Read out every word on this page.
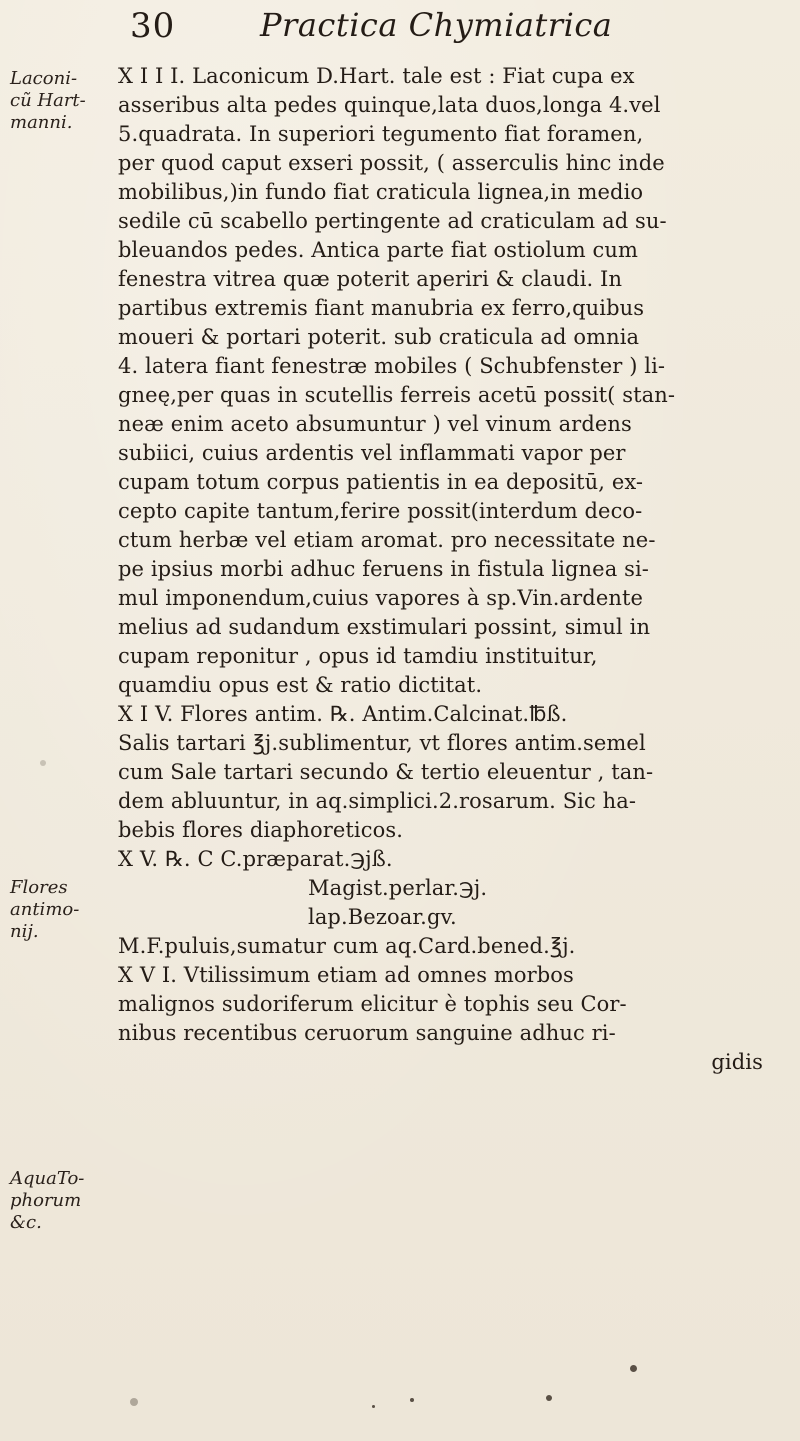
30	Practica Chymiatrica
Laconi-
cũ Hart-
manni.
Flores
antimo-
nij.
AquaTo-
phorum
&c.
X I I I. Laconicum D.Hart. tale est : Fiat cupa ex
asseribus alta pedes quinque,lata duos,longa 4.vel
5.quadrata. In superiori tegumento fiat foramen,
per quod caput exseri possit, ( asserculis hinc inde
mobilibus,)in fundo fiat craticula lignea,in medio
sedile cū scabello pertingente ad craticulam ad su-
bleuandos pedes. Antica parte fiat ostiolum cum
fenestra vitrea quæ poterit aperiri & claudi. In
partibus extremis fiant manubria ex ferro,quibus
moueri & portari poterit. sub craticula ad omnia
4. latera fiant fenestræ mobiles ( Schubfenster ) li-
gneę,per quas in scutellis ferreis acetū possit( stan-
neæ enim aceto absumuntur ) vel vinum ardens
subiici, cuius ardentis vel inflammati vapor per
cupam totum corpus patientis in ea depositū, ex-
cepto capite tantum,ferire possit(interdum deco-
ctum herbæ vel etiam aromat. pro necessitate ne-
pe ipsius morbi adhuc feruens in fistula lignea si-
mul imponendum,cuius vapores à sp.Vin.ardente
melius ad sudandum exstimulari possint, simul in
cupam reponitur , opus id tamdiu instituitur,
quamdiu opus est & ratio dictitat.
X I V. Flores antim. ℞. Antim.Calcinat.℔ß.
Salis tartari ℥j.sublimentur, vt flores antim.semel
cum Sale tartari secundo & tertio eleuentur , tan-
dem abluuntur, in aq.simplici.2.rosarum. Sic ha-
bebis flores diaphoreticos.
X V. ℞. C C.præparat.℈jß.
Magist.perlar.℈j.
lap.Bezoar.gv.
M.F.puluis,sumatur cum aq.Card.bened.℥j.
X V I. Vtilissimum etiam ad omnes morbos
malignos sudoriferum elicitur è tophis seu Cor-
nibus recentibus ceruorum sanguine adhuc ri-
gidis
